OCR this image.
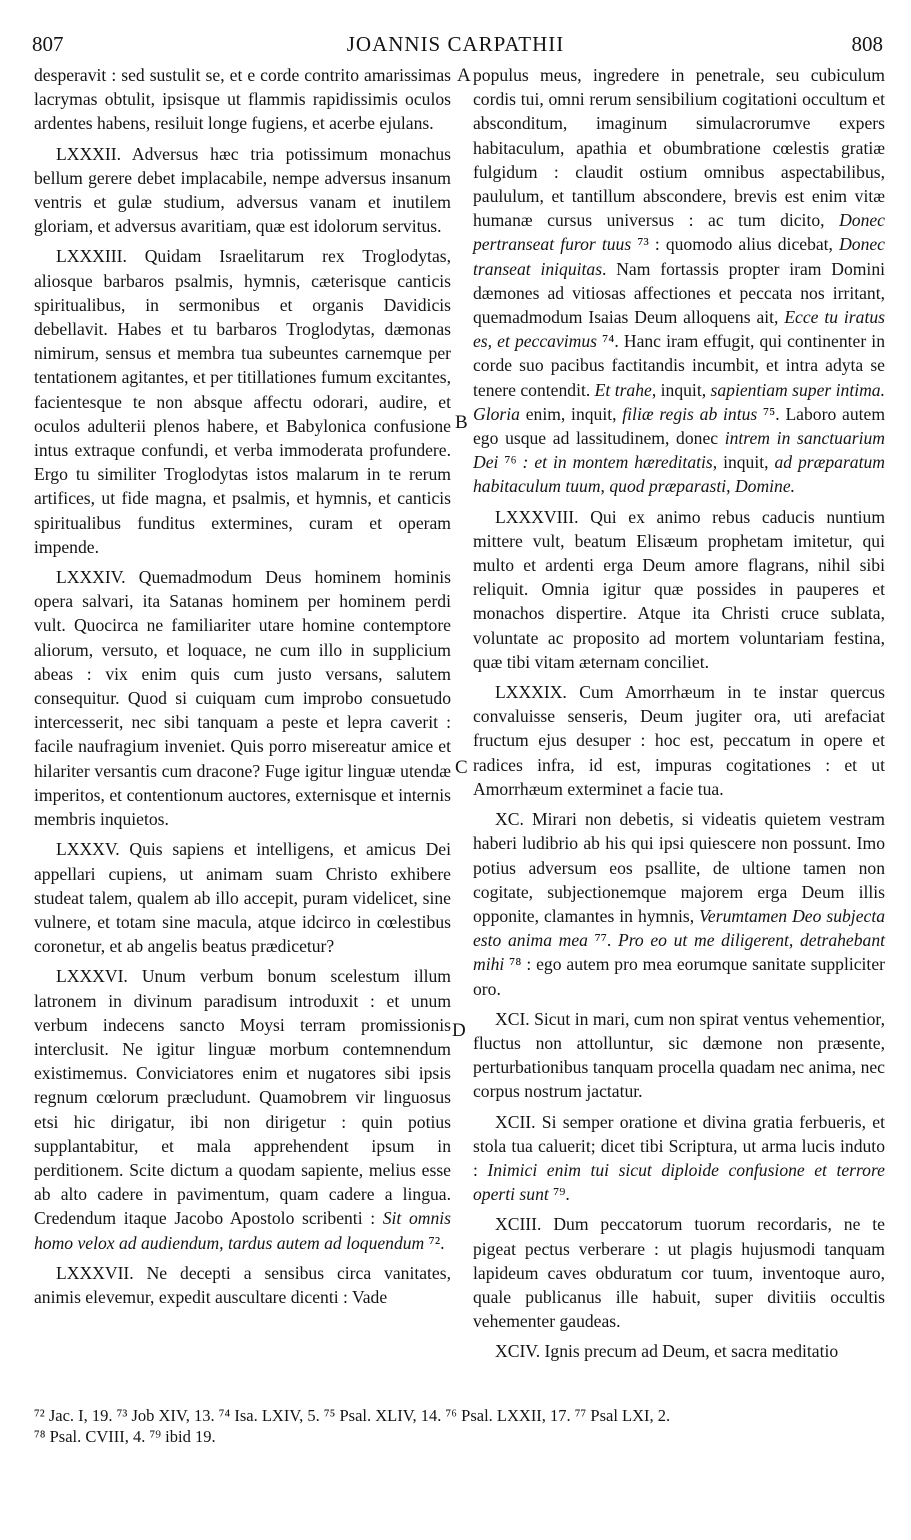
807	JOANNIS CARPATHII	808

desperavit : sed sustulit se, et e corde contrito amarissimas lacrymas obtulit, ipsisque ut flammis rapidissimis oculos ardentes habens, resiluit longe fugiens, et acerbe ejulans.

LXXXII. Adversus hæc tria potissimum monachus bellum gerere debet implacabile, nempe adversus insanum ventris et gulæ studium, adversus vanam et inutilem gloriam, et adversus avaritiam, quæ est idolorum servitus.

LXXXIII. Quidam Israelitarum rex Troglodytas, aliosque barbaros psalmis, hymnis, cæterisque canticis spiritualibus, in sermonibus et organis Davidicis debellavit. Habes et tu barbaros Troglodytas, dæmonas nimirum, sensus et membra tua subeuntes carnemque per tentationem agitantes, et per titillationes fumum excitantes, facientesque te non absque affectu odorari, audire, et oculos adulterii plenos habere, et Babylonica confusione intus extraque confundi, et verba immoderata profundere. Ergo tu similiter Troglodytas istos malarum in te rerum artifices, ut fide magna, et psalmis, et hymnis, et canticis spiritualibus funditus extermines, curam et operam impende.

LXXXIV. Quemadmodum Deus hominem hominis opera salvari, ita Satanas hominem per hominem perdi vult. Quocirca ne familiariter utare homine contemptore aliorum, versuto, et loquace, ne cum illo in supplicium abeas : vix enim quis cum justo versans, salutem consequitur. Quod si cuiquam cum improbo consuetudo intercesserit, nec sibi tanquam a peste et lepra caverit : facile naufragium inveniet. Quis porro misereatur amice et hilariter versantis cum dracone? Fuge igitur linguæ utendæ imperitos, et contentionum auctores, externisque et internis membris inquietos.

LXXXV. Quis sapiens et intelligens, et amicus Dei appellari cupiens, ut animam suam Christo exhibere studeat talem, qualem ab illo accepit, puram videlicet, sine vulnere, et totam sine macula, atque idcirco in cœlestibus coronetur, et ab angelis beatus prædicetur?

LXXXVI. Unum verbum bonum scelestum illum latronem in divinum paradisum introduxit : et unum verbum indecens sancto Moysi terram promissionis interclusit. Ne igitur linguæ morbum contemnendum existimemus. Conviciatores enim et nugatores sibi ipsis regnum cœlorum præcludunt. Quamobrem vir linguosus etsi hic dirigatur, ibi non dirigetur : quin potius supplantabitur, et mala apprehendent ipsum in perditionem. Scite dictum a quodam sapiente, melius esse ab alto cadere in pavimentum, quam cadere a lingua. Credendum itaque Jacobo Apostolo scribenti : Sit omnis homo velox ad audiendum, tardus autem ad loquendum ⁷².

LXXXVII. Ne decepti a sensibus circa vanitates, animis elevemur, expedit auscultare dicenti : Vade

populus meus, ingredere in penetrale, seu cubiculum cordis tui, omni rerum sensibilium cogitationi occultum et absconditum, imaginum simulacrorumve expers habitaculum, apathia et obumbratione cœlestis gratiæ fulgidum : claudit ostium omnibus aspectabilibus, paululum, et tantillum abscondere, brevis est enim vitæ humanæ cursus universus : ac tum dicito, Donec pertranseat furor tuus ⁷³ : quomodo alius dicebat, Donec transeat iniquitas. Nam fortassis propter iram Domini dæmones ad vitiosas affectiones et peccata nos irritant, quemadmodum Isaias Deum alloquens ait, Ecce tu iratus es, et peccavimus ⁷⁴. Hanc iram effugit, qui continenter in corde suo pacibus factitandis incumbit, et intra adyta se tenere contendit. Et trahe, inquit, sapientiam super intima. Gloria enim, inquit, filiæ regis ab intus ⁷⁵. Laboro autem ego usque ad lassitudinem, donec intrem in sanctuarium Dei ⁷⁶ : et in montem hæreditatis, inquit, ad præparatum habitaculum tuum, quod præparasti, Domine.

LXXXVIII. Qui ex animo rebus caducis nuntium mittere vult, beatum Elisæum prophetam imitetur, qui multo et ardenti erga Deum amore flagrans, nihil sibi reliquit. Omnia igitur quæ possides in pauperes et monachos dispertire. Atque ita Christi cruce sublata, voluntate ac proposito ad mortem voluntariam festina, quæ tibi vitam æternam conciliet.

LXXXIX. Cum Amorrhæum in te instar quercus convaluisse senseris, Deum jugiter ora, uti arefaciat fructum ejus desuper : hoc est, peccatum in opere et radices infra, id est, impuras cogitationes : et ut Amorrhæum exterminet a facie tua.

XC. Mirari non debetis, si videatis quietem vestram haberi ludibrio ab his qui ipsi quiescere non possunt. Imo potius adversum eos psallite, de ultione tamen non cogitate, subjectionemque majorem erga Deum illis opponite, clamantes in hymnis, Verumtamen Deo subjecta esto anima mea ⁷⁷. Pro eo ut me diligerent, detrahebant mihi ⁷⁸ : ego autem pro mea eorumque sanitate suppliciter oro.

XCI. Sicut in mari, cum non spirat ventus vehementior, fluctus non attolluntur, sic dæmone non præsente, perturbationibus tanquam procella quadam nec anima, nec corpus nostrum jactatur.

XCII. Si semper oratione et divina gratia ferbueris, et stola tua caluerit; dicet tibi Scriptura, ut arma lucis induto : Inimici enim tui sicut diploide confusione et terrore operti sunt ⁷⁹.

XCIII. Dum peccatorum tuorum recordaris, ne te pigeat pectus verberare : ut plagis hujusmodi tanquam lapideum caves obduratum cor tuum, inventoque auro, quale publicanus ille habuit, super divitiis occultis vehementer gaudeas.

XCIV. Ignis precum ad Deum, et sacra meditatio

A
B
C
D
⁷² Jac. I, 19. ⁷³ Job XIV, 13. ⁷⁴ Isa. LXIV, 5. ⁷⁵ Psal. XLIV, 14. ⁷⁶ Psal. LXXII, 17. ⁷⁷ Psal LXI, 2.
⁷⁸ Psal. CVIII, 4. ⁷⁹ ibid 19.
